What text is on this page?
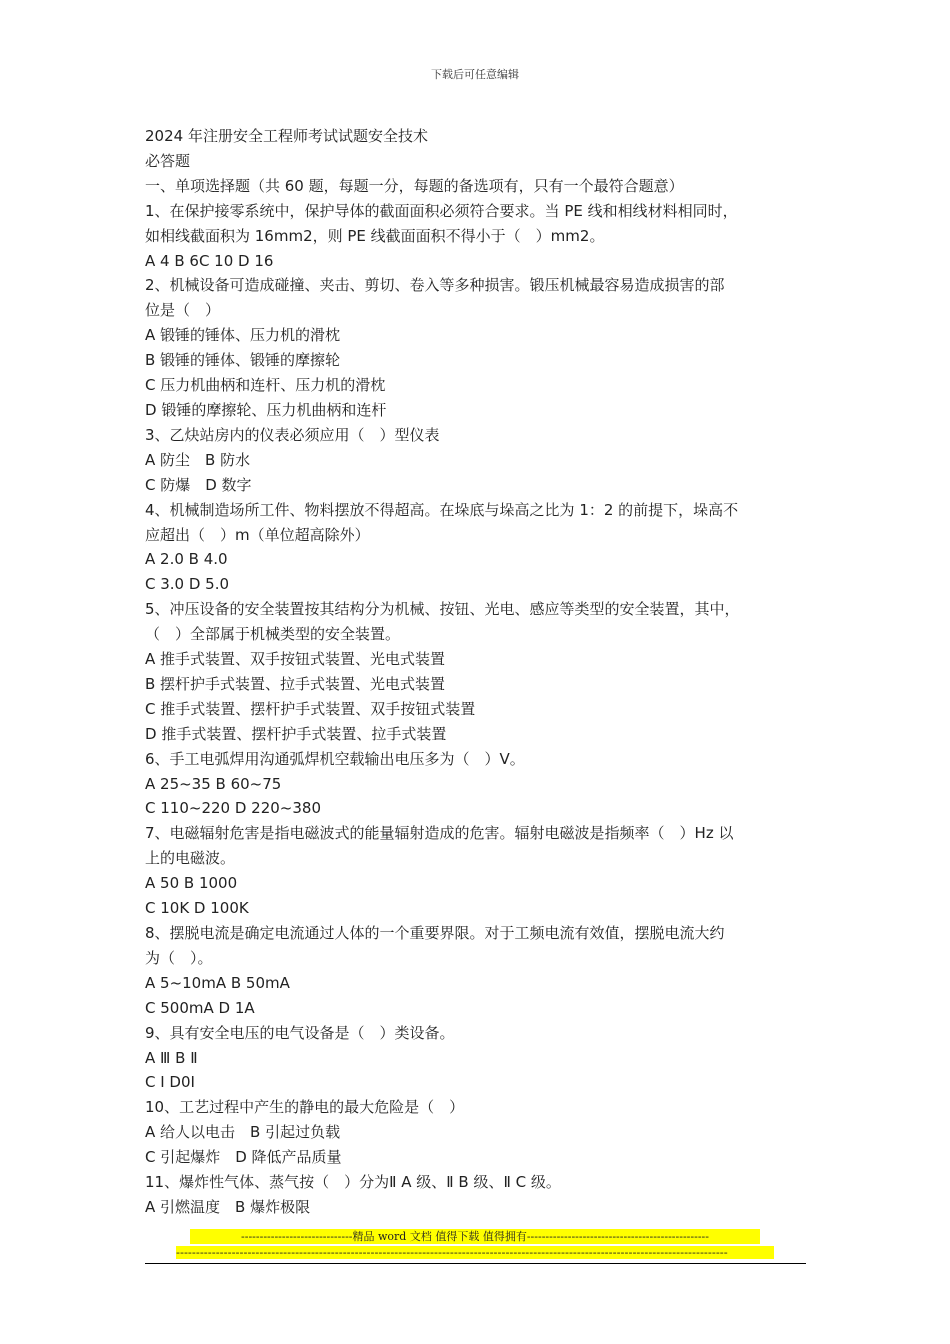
下载后可任意编辑
2024 年注册安全工程师考试试题安全技术
必答题
一、单项选择题（共 60 题，每题一分，每题的备选项有，只有一个最符合题意）
1、在保护接零系统中，保护导体的截面面积必须符合要求。当 PE 线和相线材料相同时，
如相线截面积为 16mm2，则 PE 线截面面积不得小于（　）mm2。
A 4 B 6C 10 D 16
2、机械设备可造成碰撞、夹击、剪切、卷入等多种损害。锻压机械最容易造成损害的部
位是（　）
A 锻锤的锤体、压力机的滑枕
B 锻锤的锤体、锻锤的摩擦轮
C 压力机曲柄和连杆、压力机的滑枕
D 锻锤的摩擦轮、压力机曲柄和连杆
3、乙炔站房内的仪表必须应用（　）型仪表
A 防尘　B 防水
C 防爆　D 数字
4、机械制造场所工件、物料摆放不得超高。在垛底与垛高之比为 1：2 的前提下，垛高不
应超出（　）m（单位超高除外）
A 2.0 B 4.0
C 3.0 D 5.0
5、冲压设备的安全装置按其结构分为机械、按钮、光电、感应等类型的安全装置，其中，
（　）全部属于机械类型的安全装置。
A 推手式装置、双手按钮式装置、光电式装置
B 摆杆护手式装置、拉手式装置、光电式装置
C 推手式装置、摆杆护手式装置、双手按钮式装置
D 推手式装置、摆杆护手式装置、拉手式装置
6、手工电弧焊用沟通弧焊机空载输出电压多为（　）V。
A 25~35 B 60~75
C 110~220 D 220~380
7、电磁辐射危害是指电磁波式的能量辐射造成的危害。辐射电磁波是指频率（　）Hz 以
上的电磁波。
A 50 B 1000
C 10K D 100K
8、摆脱电流是确定电流通过人体的一个重要界限。对于工频电流有效值，摆脱电流大约
为（　）。
A 5~10mA B 50mA
C 500mA D 1A
9、具有安全电压的电气设备是（　）类设备。
A Ⅲ B Ⅱ
C Ⅰ D0Ⅰ
10、工艺过程中产生的静电的最大危险是（　）
A 给人以电击　B 引起过负载
C 引起爆炸　D 降低产品质量
11、爆炸性气体、蒸气按（　）分为Ⅱ A 级、Ⅱ B 级、Ⅱ C 级。
A 引燃温度　B 爆炸极限
------------------------------精品 word 文档 值得下载 值得拥有-------------------------------------------------
-------------------------------------------------------------------------------------------------------------------------------------------
